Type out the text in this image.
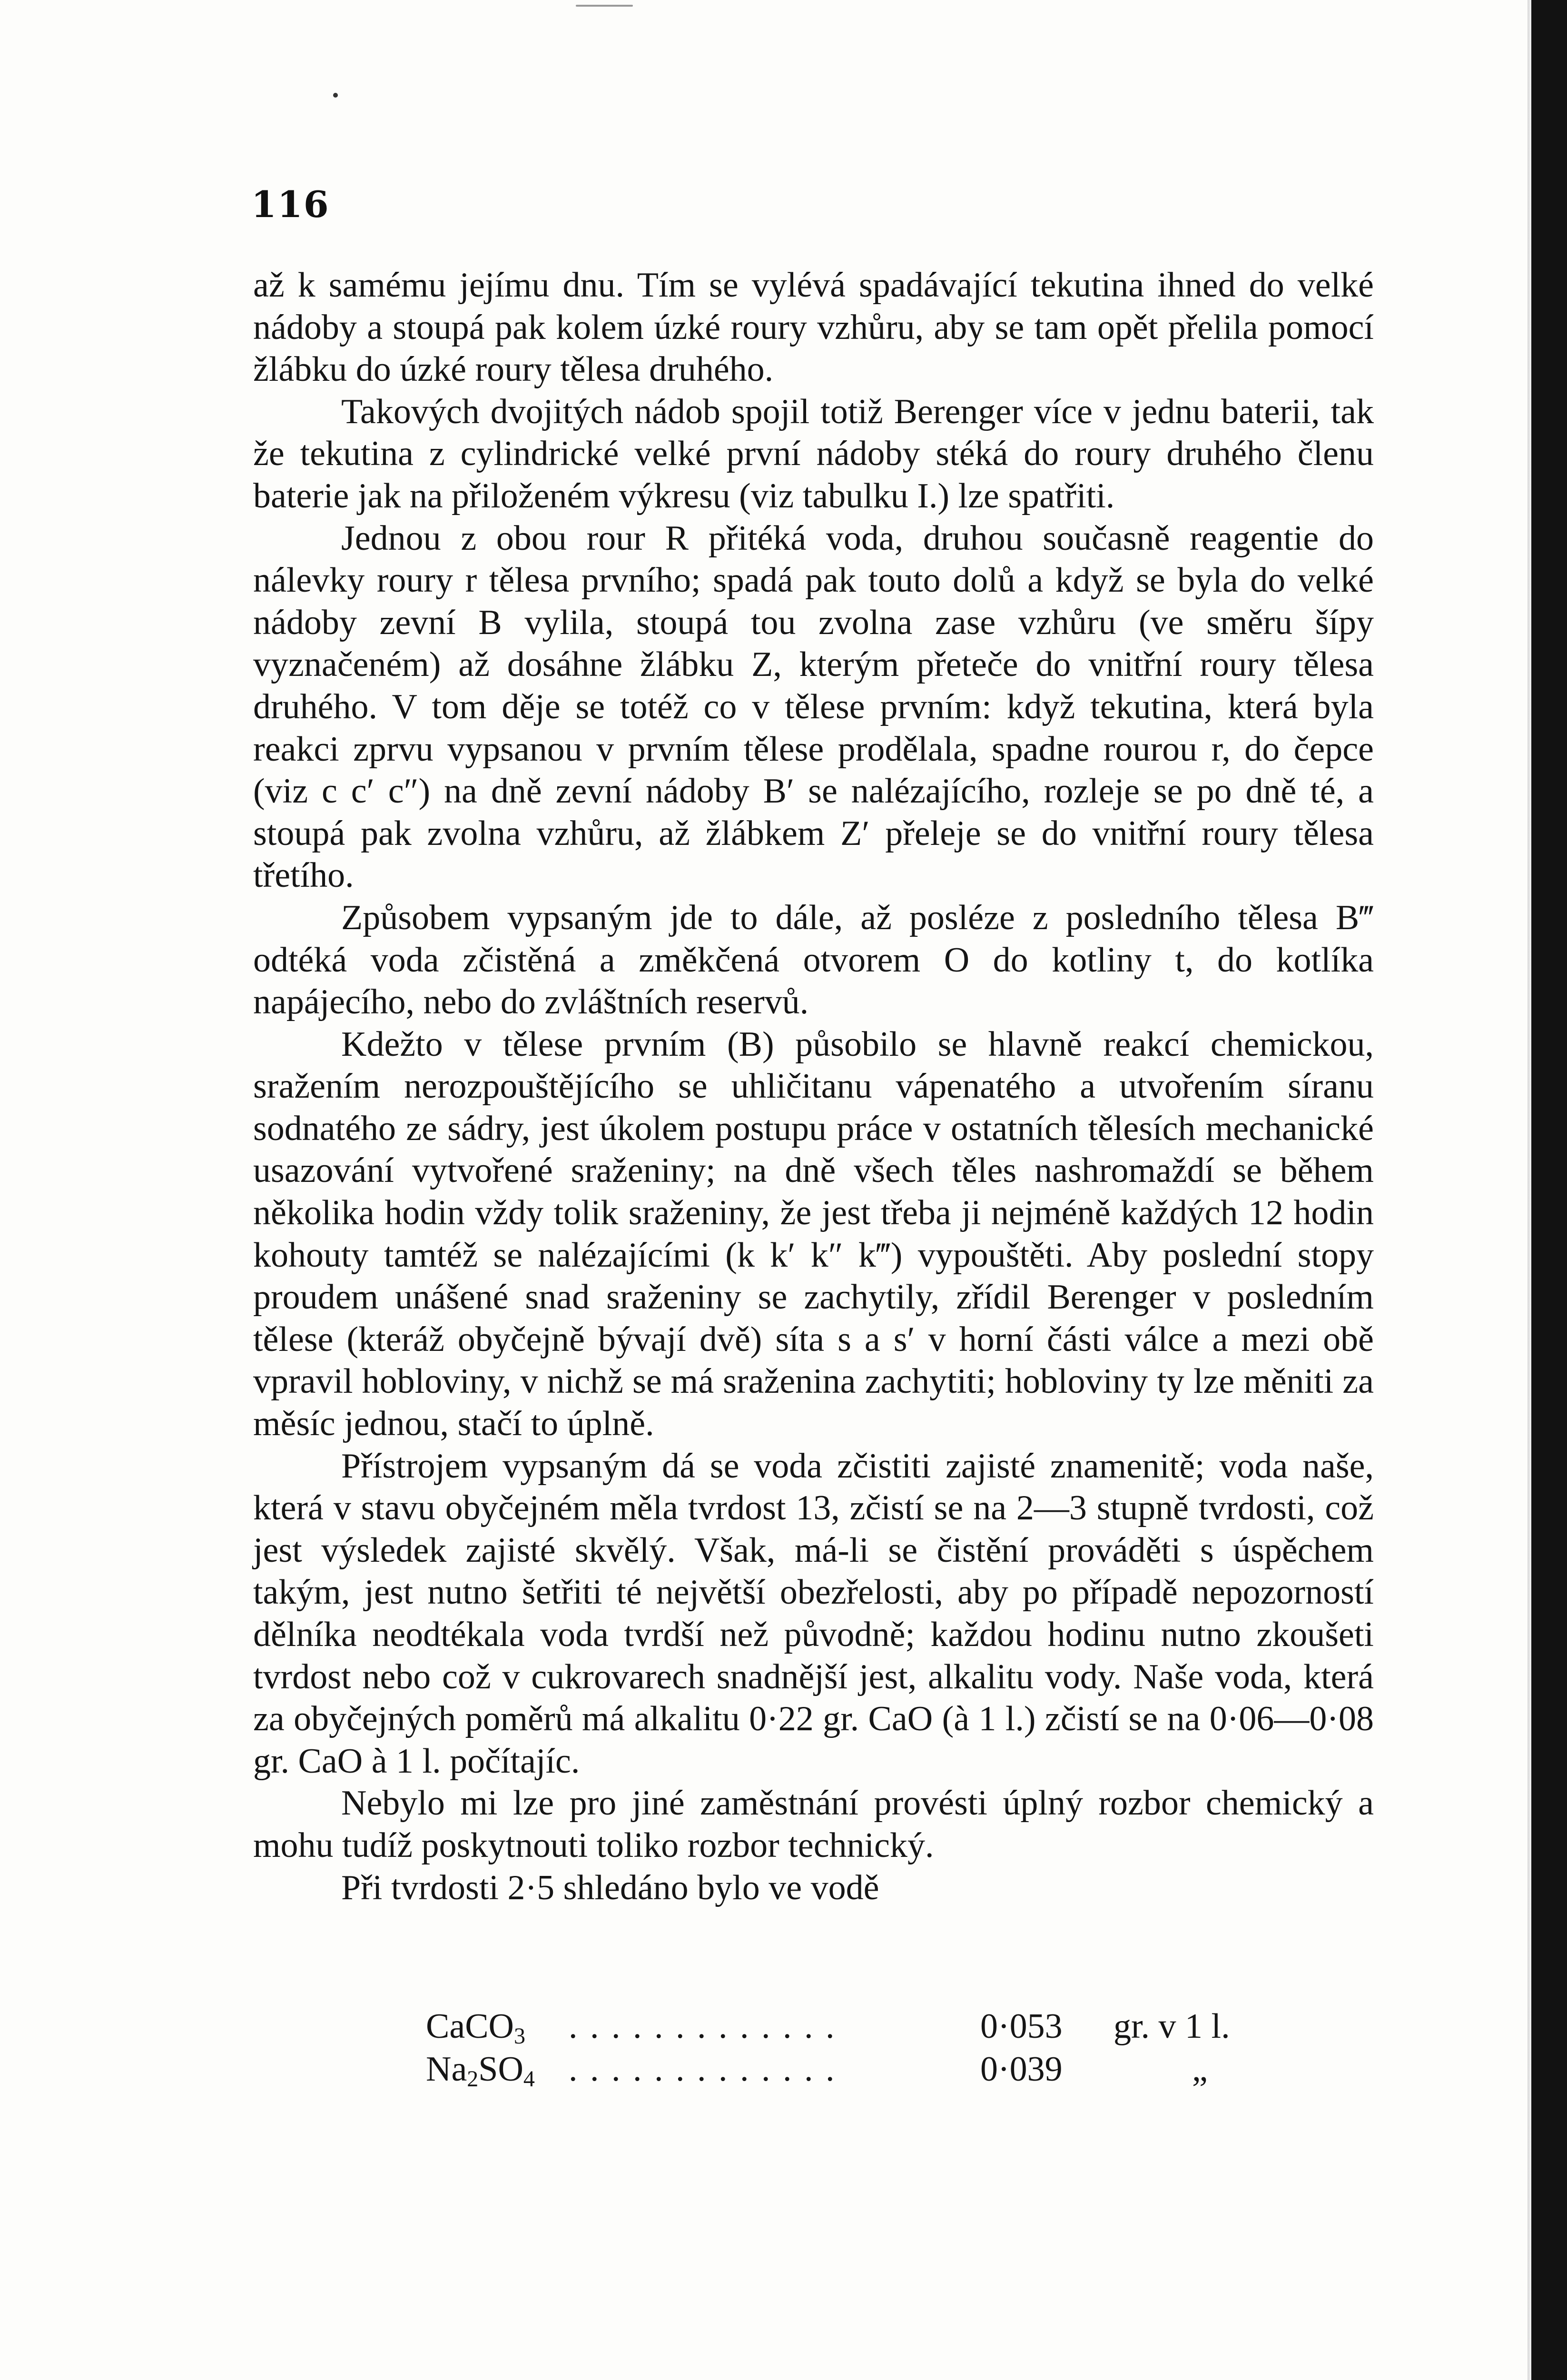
116

až k samému jejímu dnu. Tím se vylévá spadávající tekutina ihned do velké nádoby a stoupá pak kolem úzké roury vzhůru, aby se tam opět přelila pomocí žlábku do úzké roury tělesa druhého.

Takových dvojitých nádob spojil totiž Berenger více v jednu baterii, tak že tekutina z cylindrické velké první nádoby stéká do roury druhého členu baterie jak na přiloženém výkresu (viz tabulku I.) lze spatřiti.

Jednou z obou rour R přitéká voda, druhou současně reagentie do nálevky roury r tělesa prvního; spadá pak touto dolů a když se byla do velké nádoby zevní B vylila, stoupá tou zvolna zase vzhůru (ve směru šípy vyznačeném) až dosáhne žlábku Z, kterým přeteče do vnitřní roury tělesa druhého. V tom děje se totéž co v tělese prvním: když tekutina, která byla reakci zprvu vypsanou v prvním tělese prodělala, spadne rourou r, do čepce (viz c c′ c″) na dně zevní nádoby B′ se nalézajícího, rozleje se po dně té, a stoupá pak zvolna vzhůru, až žlábkem Z′ přeleje se do vnitřní roury tělesa třetího.

Způsobem vypsaným jde to dále, až posléze z posledního tělesa B‴ odtéká voda zčistěná a změkčená otvorem O do kotliny t, do kotlíka napájecího, nebo do zvláštních reservů.

Kdežto v tělese prvním (B) působilo se hlavně reakcí chemickou, sražením nerozpouštějícího se uhličitanu vápenatého a utvořením síranu sodnatého ze sádry, jest úkolem postupu práce v ostatních tělesích mechanické usazování vytvořené sraženiny; na dně všech těles nashromaždí se během několika hodin vždy tolik sraženiny, že jest třeba ji nejméně každých 12 hodin kohouty tamtéž se nalézajícími (k k′ k″ k‴) vypouštěti. Aby poslední stopy proudem unášené snad sraženiny se zachytily, zřídil Berenger v posledním tělese (kteráž obyčejně bývají dvě) síta s a s′ v horní části válce a mezi obě vpravil hobloviny, v nichž se má sraženina zachytiti; hobloviny ty lze měniti za měsíc jednou, stačí to úplně.

Přístrojem vypsaným dá se voda zčistiti zajisté znamenitě; voda naše, která v stavu obyčejném měla tvrdost 13, zčistí se na 2—3 stupně tvrdosti, což jest výsledek zajisté skvělý. Však, má-li se čistění prováděti s úspěchem takým, jest nutno šetřiti té největší obezřelosti, aby po případě nepozorností dělníka neodtékala voda tvrdší než původně; každou hodinu nutno zkoušeti tvrdost nebo což v cukrovarech snadnější jest, alkalitu vody. Naše voda, která za obyčejných poměrů má alkalitu 0·22 gr. CaO (à 1 l.) zčistí se na 0·06—0·08 gr. CaO à 1 l. počítajíc.

Nebylo mi lze pro jiné zaměstnání provésti úplný rozbor chemický a mohu tudíž poskytnouti toliko rozbor technický.

Při tvrdosti 2·5 shledáno bylo ve vodě

CaCO$_3$ . . . . . . . . . . . . .	0·053 gr. v 1 l.
$Na_2SO_4$ . . . . . . . . . . . . .	0·039	„
